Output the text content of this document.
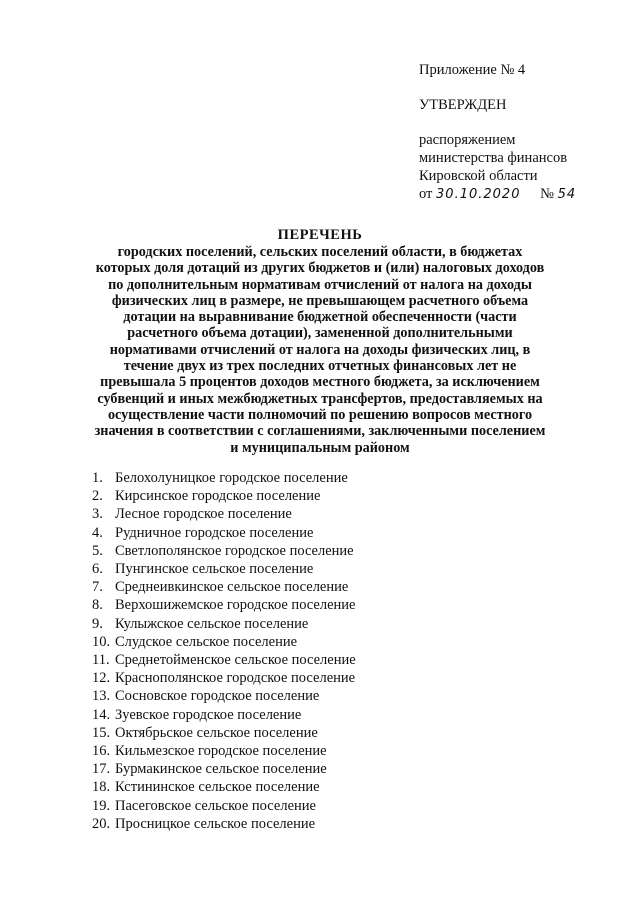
Приложение № 4
УТВЕРЖДЕН
распоряжением
министерства финансов
Кировской области
от 30.10.2020 № 54
ПЕРЕЧЕНЬ
городских поселений, сельских поселений области, в бюджетах
которых доля дотаций из других бюджетов и (или) налоговых доходов
по дополнительным нормативам отчислений от налога на доходы
физических лиц в размере, не превышающем расчетного объема
дотации на выравнивание бюджетной обеспеченности (части
расчетного объема дотации), замененной дополнительными
нормативами отчислений от налога на доходы физических лиц, в
течение двух из трех последних отчетных финансовых лет не
превышала 5 процентов доходов местного бюджета, за исключением
субвенций и иных межбюджетных трансфертов, предоставляемых на
осуществление части полномочий по решению вопросов местного
значения в соответствии с соглашениями, заключенными поселением
и муниципальным районом
1. Белохолуницкое городское поселение
2. Кирсинское городское поселение
3. Лесное городское поселение
4. Рудничное городское поселение
5. Светлополянское городское поселение
6. Пунгинское сельское поселение
7. Среднеивкинское сельское поселение
8. Верхошижемское городское поселение
9. Кулыжское сельское поселение
10. Слудское сельское поселение
11. Среднетойменское сельское поселение
12. Краснополянское городское поселение
13. Сосновское городское поселение
14. Зуевское городское поселение
15. Октябрьское сельское поселение
16. Кильмезское городское поселение
17. Бурмакинское сельское поселение
18. Кстининское сельское поселение
19. Пасеговское сельское поселение
20. Просницкое сельское поселение
